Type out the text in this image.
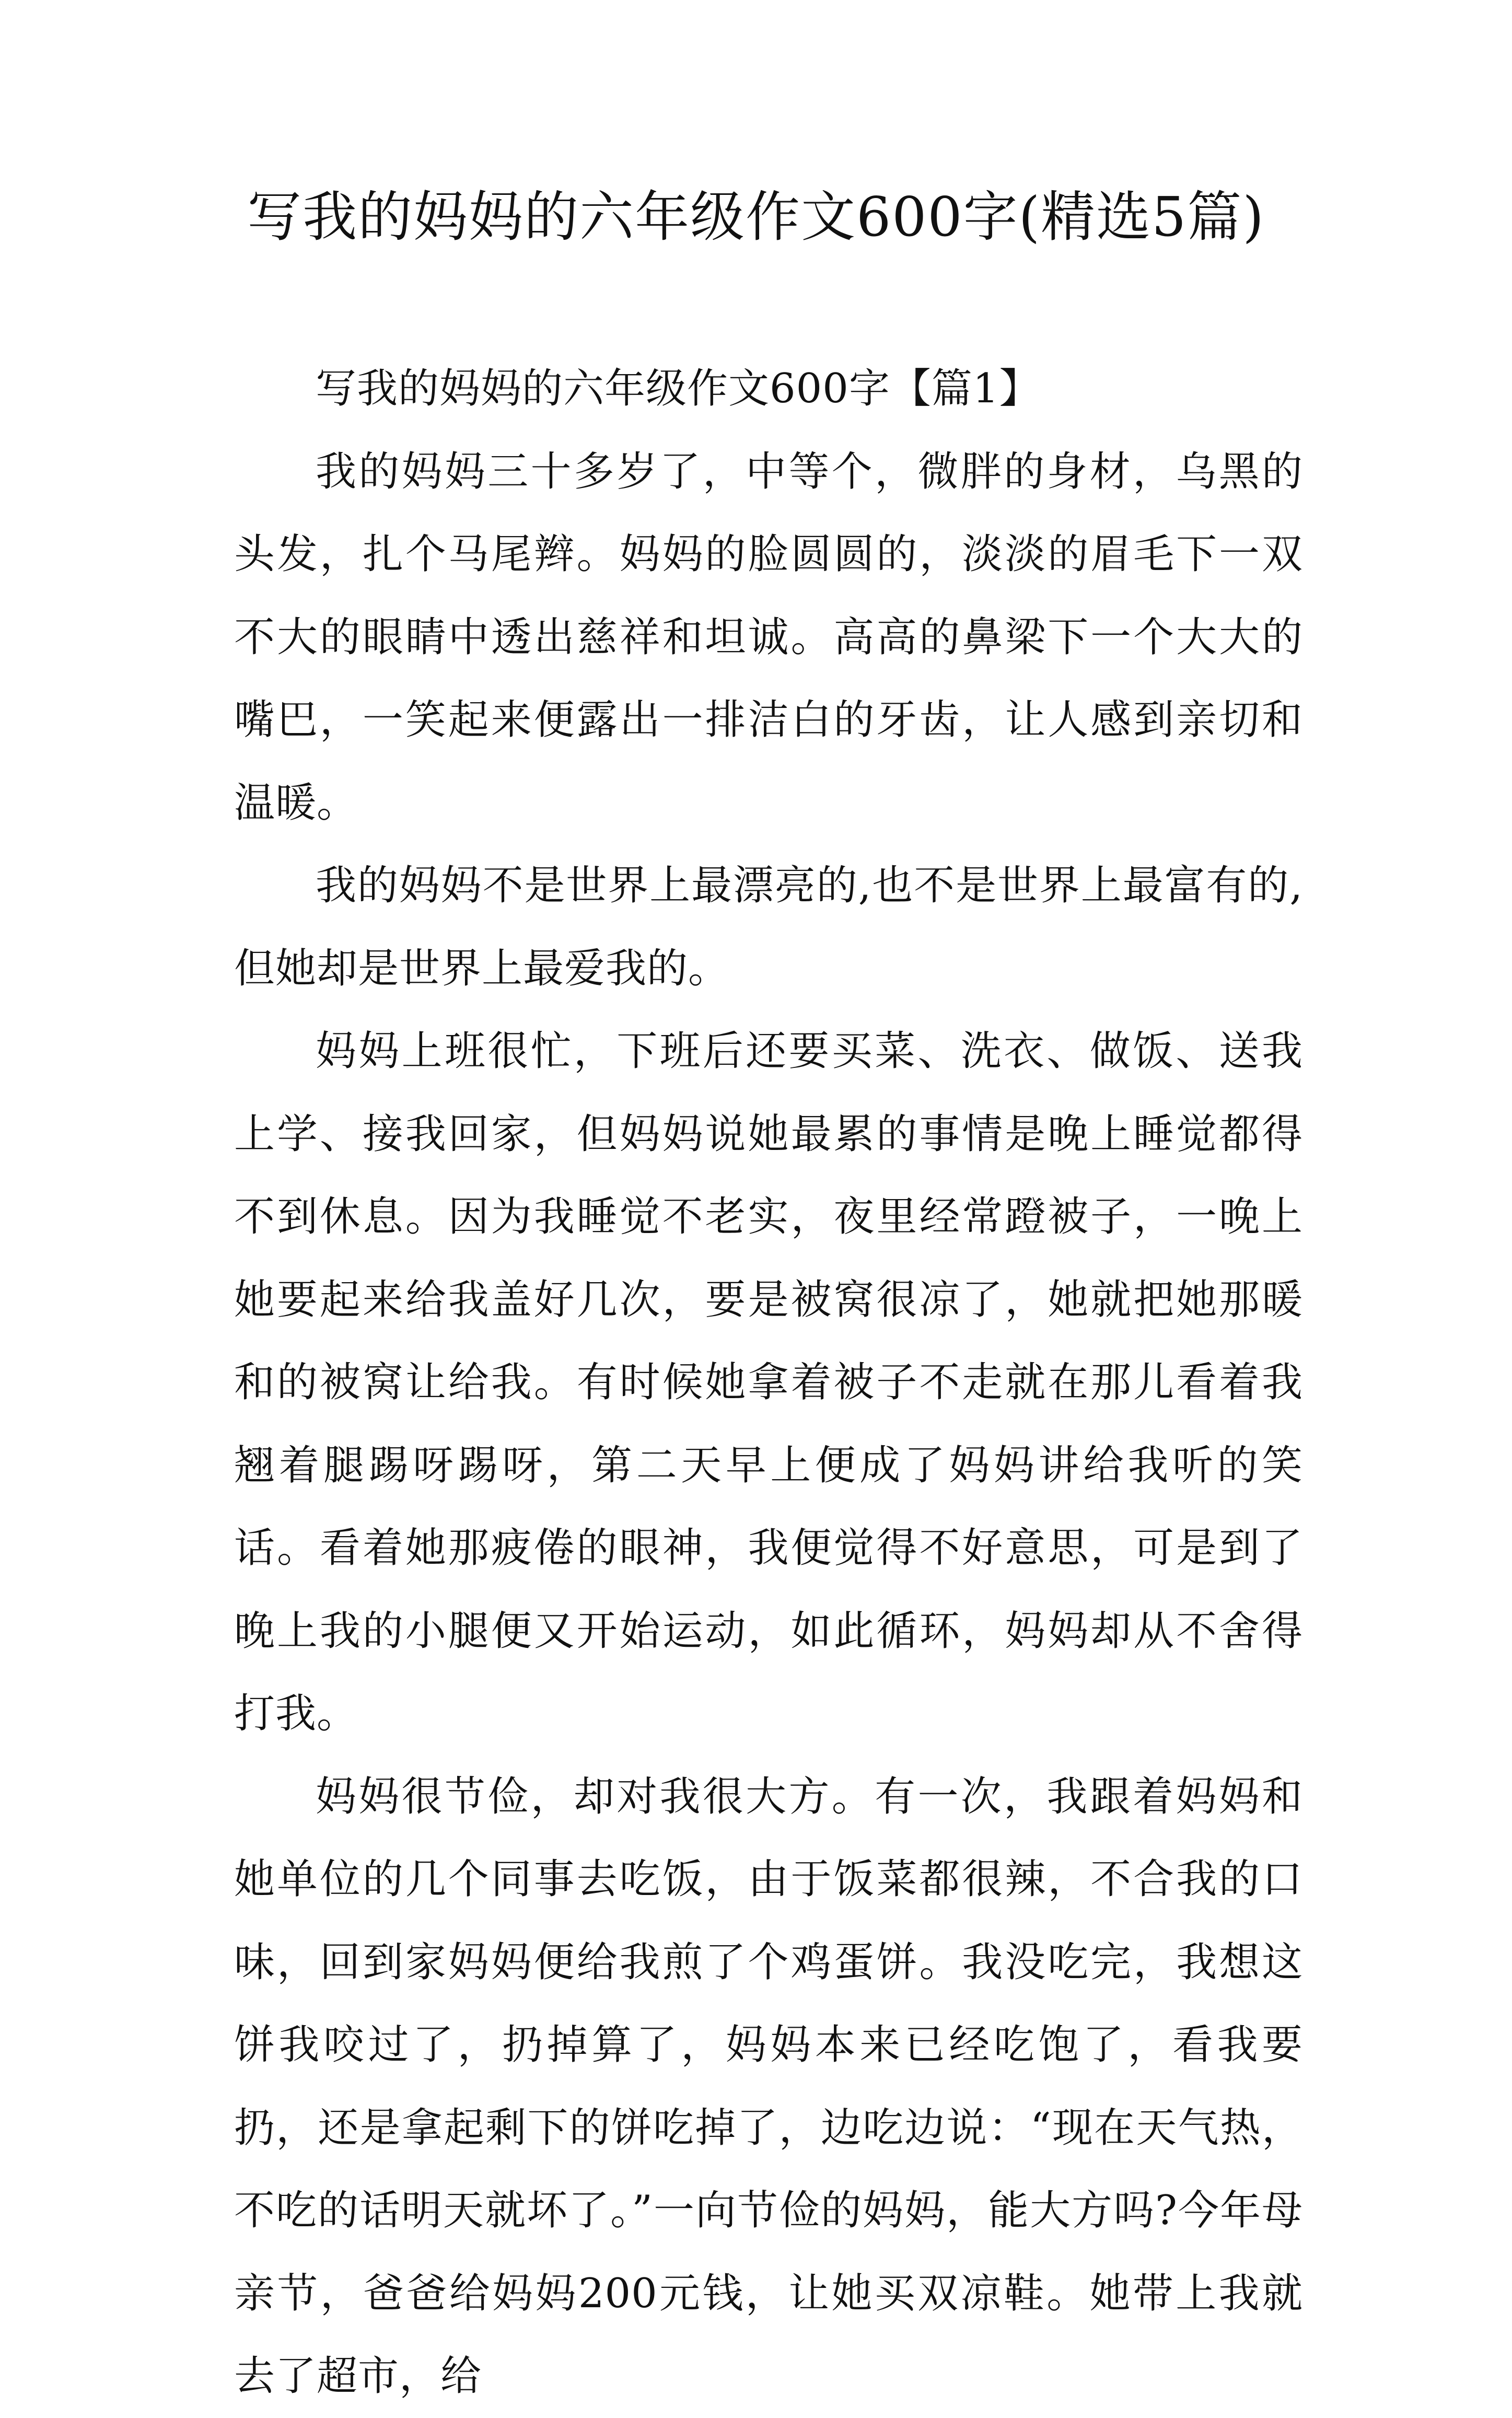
写我的妈妈的六年级作文600字(精选5篇)

写我的妈妈的六年级作文600字【篇1】

我的妈妈三十多岁了，中等个，微胖的身材，乌黑的头发，扎个马尾辫。妈妈的脸圆圆的，淡淡的眉毛下一双不大的眼睛中透出慈祥和坦诚。高高的鼻梁下一个大大的嘴巴，一笑起来便露出一排洁白的牙齿，让人感到亲切和温暖。

我的妈妈不是世界上最漂亮的,也不是世界上最富有的,但她却是世界上最爱我的。

妈妈上班很忙，下班后还要买菜、洗衣、做饭、送我上学、接我回家，但妈妈说她最累的事情是晚上睡觉都得不到休息。因为我睡觉不老实，夜里经常蹬被子，一晚上她要起来给我盖好几次，要是被窝很凉了，她就把她那暖和的被窝让给我。有时候她拿着被子不走就在那儿看着我翘着腿踢呀踢呀，第二天早上便成了妈妈讲给我听的笑话。看着她那疲倦的眼神，我便觉得不好意思，可是到了晚上我的小腿便又开始运动，如此循环，妈妈却从不舍得打我。

妈妈很节俭，却对我很大方。有一次，我跟着妈妈和她单位的几个同事去吃饭，由于饭菜都很辣，不合我的口味，回到家妈妈便给我煎了个鸡蛋饼。我没吃完，我想这饼我咬过了，扔掉算了，妈妈本来已经吃饱了，看我要扔，还是拿起剩下的饼吃掉了，边吃边说：“现在天气热，不吃的话明天就坏了。”一向节俭的妈妈，能大方吗?今年母亲节，爸爸给妈妈200元钱，让她买双凉鞋。她带上我就去了超市，给
